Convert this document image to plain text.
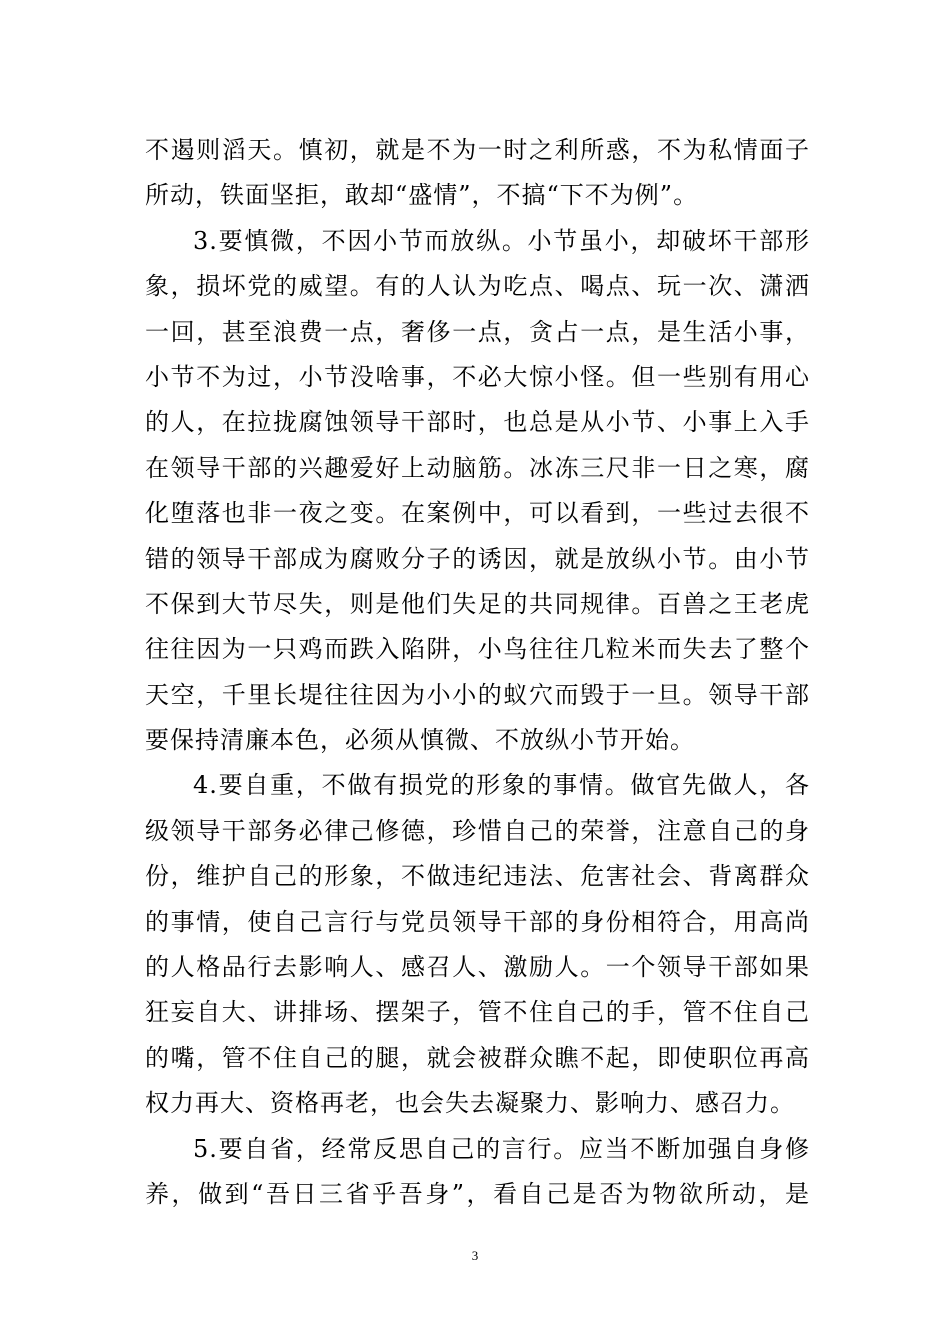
不遏则滔天。慎初，就是不为一时之利所惑，不为私情面子
所动，铁面坚拒，敢却“盛情”，不搞“下不为例”。
3.要慎微，不因小节而放纵。小节虽小，却破坏干部形
象，损坏党的威望。有的人认为吃点、喝点、玩一次、潇洒
一回，甚至浪费一点，奢侈一点，贪占一点，是生活小事，
小节不为过，小节没啥事，不必大惊小怪。但一些别有用心
的人，在拉拢腐蚀领导干部时，也总是从小节、小事上入手
在领导干部的兴趣爱好上动脑筋。冰冻三尺非一日之寒，腐
化堕落也非一夜之变。在案例中，可以看到，一些过去很不
错的领导干部成为腐败分子的诱因，就是放纵小节。由小节
不保到大节尽失，则是他们失足的共同规律。百兽之王老虎
往往因为一只鸡而跌入陷阱，小鸟往往几粒米而失去了整个
天空，千里长堤往往因为小小的蚁穴而毁于一旦。领导干部
要保持清廉本色，必须从慎微、不放纵小节开始。
4.要自重，不做有损党的形象的事情。做官先做人，各
级领导干部务必律己修德，珍惜自己的荣誉，注意自己的身
份，维护自己的形象，不做违纪违法、危害社会、背离群众
的事情，使自己言行与党员领导干部的身份相符合，用高尚
的人格品行去影响人、感召人、激励人。一个领导干部如果
狂妄自大、讲排场、摆架子，管不住自己的手，管不住自己
的嘴，管不住自己的腿，就会被群众瞧不起，即使职位再高
权力再大、资格再老，也会失去凝聚力、影响力、感召力。
5.要自省，经常反思自己的言行。应当不断加强自身修
养，做到“吾日三省乎吾身”，看自己是否为物欲所动，是
3
